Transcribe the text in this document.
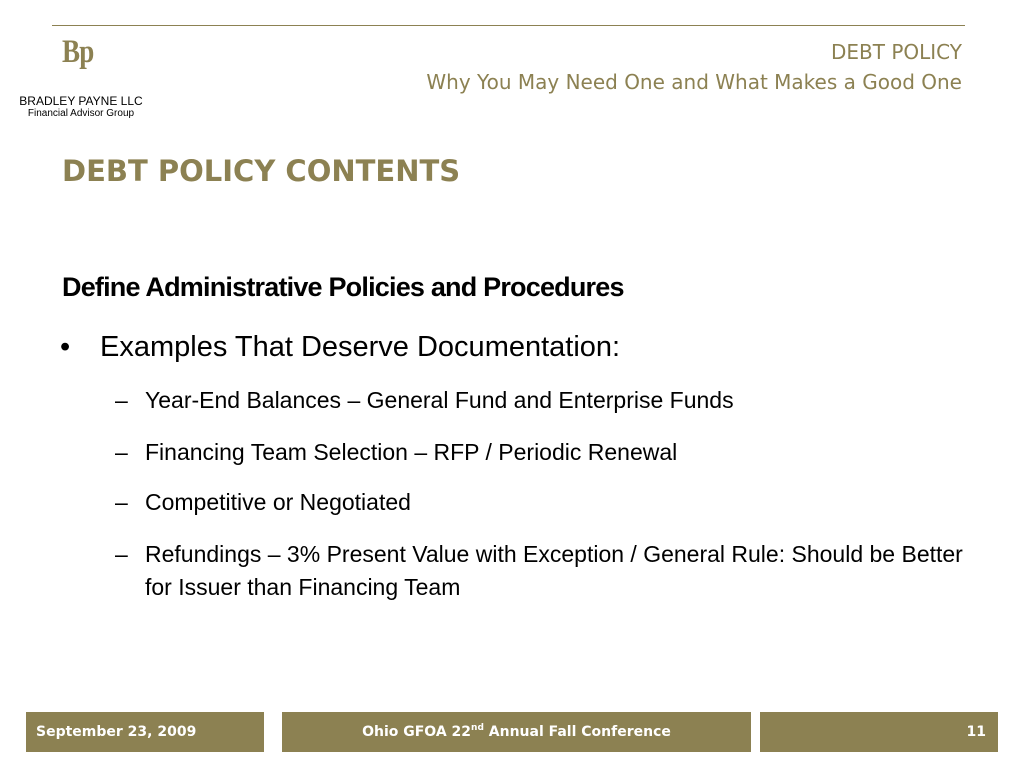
Bp
BRADLEY PAYNE LLC
Financial Advisor Group
DEBT POLICY
Why You May Need One and What Makes a Good One
DEBT POLICY CONTENTS
Define Administrative Policies and Procedures
• Examples That Deserve Documentation:
– Year-End Balances – General Fund and Enterprise Funds
– Financing Team Selection – RFP / Periodic Renewal
– Competitive or Negotiated
– Refundings – 3% Present Value with Exception / General Rule: Should be Better for Issuer than Financing Team
September 23, 2009	Ohio GFOA 22nd Annual Fall Conference	11
